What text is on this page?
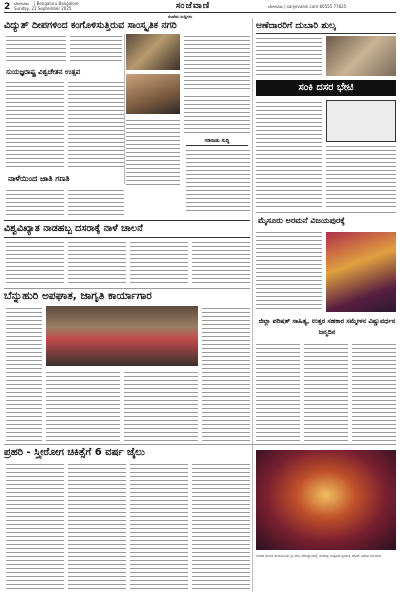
2 ಬೆಂಗಳೂರು | Bengaluru Bangalore
Sunday, 21 September 2025	ಸಂಜೆವಾಣಿ	ಬೆಂಗಳೂರು | sanjevaani.com 80555 77825
ಸಂಜೆಯ ಸುದ್ದಿಗಳು
ವಿದ್ಯುತ್ ದೀಪಗಳಿಂದ ಕಂಗೊಳಿಸುತ್ತಿರುವ ಸಾಂಸ್ಕೃತಿಕ ನಗರಿ	ಆಣೆದಾರರಿಗೆ ದುಬಾರಿ ಶುಲ್ಕ
ಸುಯಜ್ಞರಾಷ್ಟ್ರ ವಿಶ್ವಚೇತನ ಉತ್ಸವ
ಸಂಕಿ ದಸರ ಭೇಟಿ
ನಾಳೆಯಿಂದ ಜಾತಿ ಗಣತಿ
ಗಡಿನಾಡು ಸುದ್ದಿ
ವಿಶ್ವವಿಖ್ಯಾತ ನಾಡಹಬ್ಬ ದಸರಾಕ್ಕೆ ನಾಳೆ ಚಾಲನೆ
ಮೈಸೂರು ಅರಮನೆ ವಿಜಯಪುರಕ್ಕೆ
ಬೆನ್ನುಹುರಿ ಅಪಘಾತ, ಜಾಗೃತಿ ಕಾರ್ಯಾಗಾರ
ಜಿಲ್ಲಾ ಪರಿಷತ್ ಸಾಹಿತ್ಯ, ಉತ್ತರ ಸಹಕಾರ ಸಮ್ಮೇಳನ ವಿಷ್ಣುವರ್ಧನ ಜನ್ಮದಿನ
ಪ್ರಹರಿ - ಸ್ತ್ರೀರೋಗ ಚಿಕಿತ್ಸೆಗೆ 6 ವರ್ಷ ಜೈಲು
ನಗರದ ಹುಣಸೆ ಕಾಲೋನಿಯ ಶ್ರೀ ದೇವಿ ದೇವಸ್ಥಾನದಲ್ಲಿ ನವರಾತ್ರಿ ಉತ್ಸವದ ಪ್ರಯುಕ್ತ ದೇವಿಗೆ ವಿಶೇಷ ಅಲಂಕಾರ
